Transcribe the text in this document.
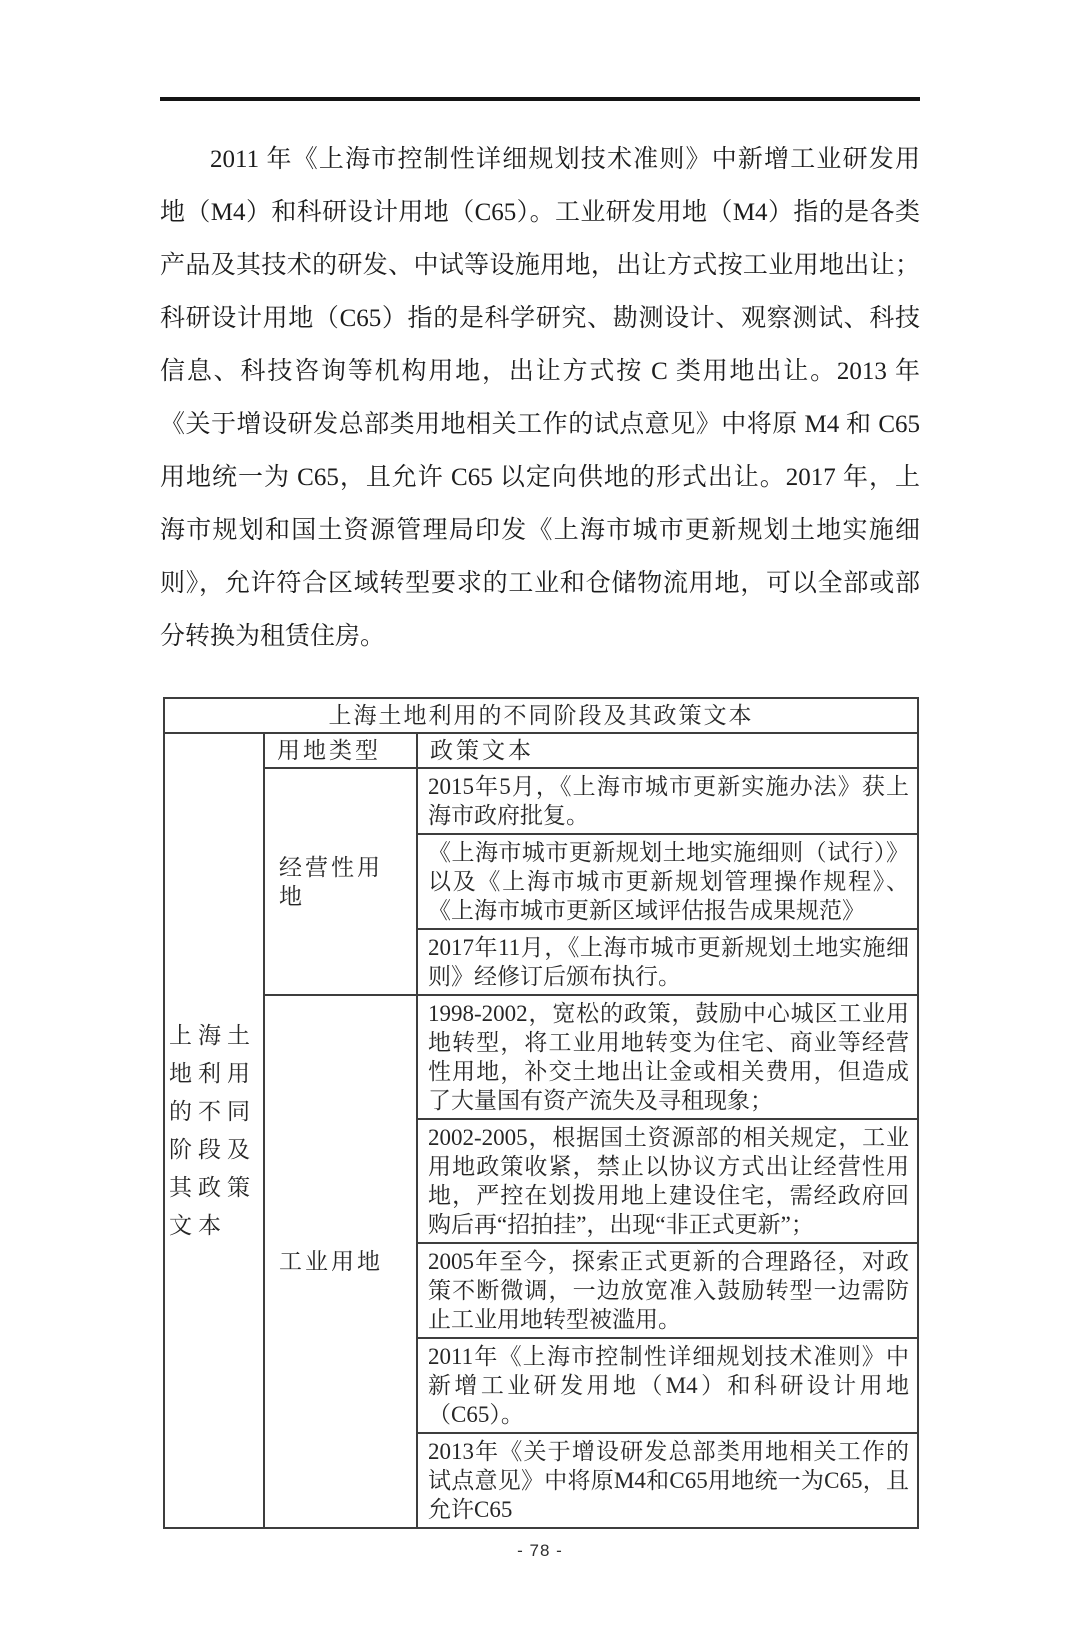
2011 年《上海市控制性详细规划技术准则》中新增工业研发用
地（M4）和科研设计用地（C65）。工业研发用地（M4）指的是各类
产品及其技术的研发、中试等设施用地，出让方式按工业用地出让；
科研设计用地（C65）指的是科学研究、勘测设计、观察测试、科技
信息、科技咨询等机构用地，出让方式按 C 类用地出让。2013 年
《关于增设研发总部类用地相关工作的试点意见》中将原 M4 和 C65
用地统一为 C65，且允许 C65 以定向供地的形式出让。2017 年，上
海市规划和国土资源管理局印发《上海市城市更新规划土地实施细
则》，允许符合区域转型要求的工业和仓储物流用地，可以全部或部
分转换为租赁住房。
上海土地利用的不同阶段及其政策文本		

上海土地利用的不同阶段及其政策文本	用地类型	政策文本
	经营性用地	2015年5月，《上海市城市更新实施办法》获上海市政府批复。
		《上海市城市更新规划土地实施细则（试行）》以及《上海市城市更新规划管理操作规程》、《上海市城市更新区域评估报告成果规范》
		2017年11月，《上海市城市更新规划土地实施细则》经修订后颁布执行。
	工业用地	1998-2002，宽松的政策，鼓励中心城区工业用地转型，将工业用地转变为住宅、商业等经营性用地，补交土地出让金或相关费用，但造成了大量国有资产流失及寻租现象；
		2002-2005，根据国土资源部的相关规定，工业用地政策收紧，禁止以协议方式出让经营性用地，严控在划拨用地上建设住宅，需经政府回购后再“招拍挂”，出现“非正式更新”；
		2005年至今，探索正式更新的合理路径，对政策不断微调，一边放宽准入鼓励转型一边需防止工业用地转型被滥用。
		2011年《上海市控制性详细规划技术准则》中新增工业研发用地（M4）和科研设计用地（C65）。
		2013年《关于增设研发总部类用地相关工作的试点意见》中将原M4和C65用地统一为C65，且允许C65
- 78 -
